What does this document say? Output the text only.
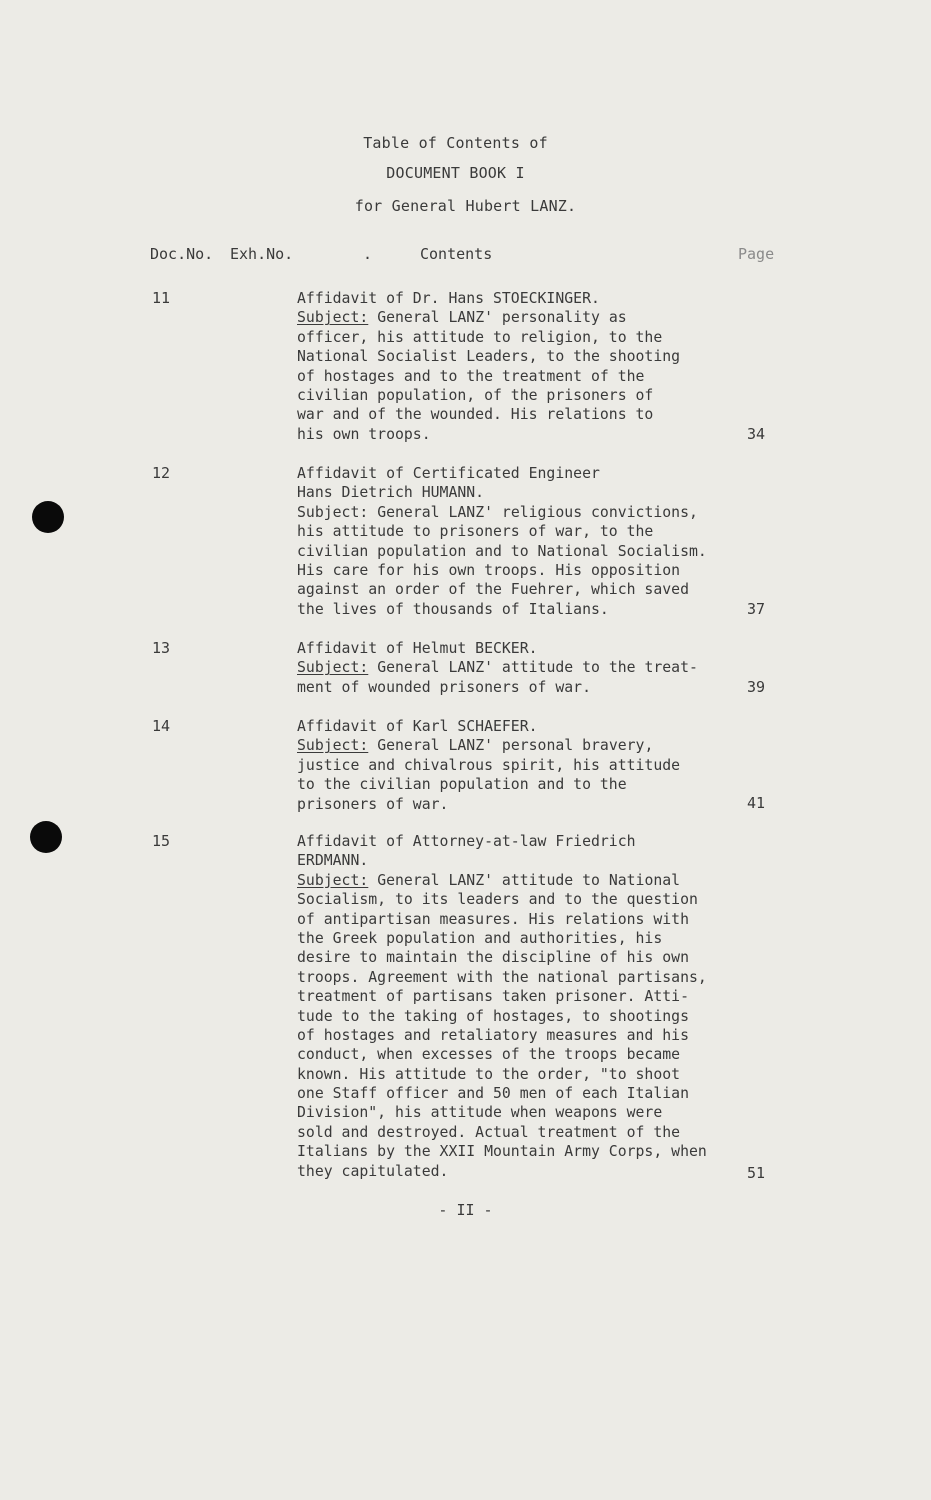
Table of Contents of
DOCUMENT BOOK I
for General Hubert LANZ.
Doc.No. Exh.No.	.	Contents	Page
11	Affidavit of Dr. Hans STOECKINGER.
Subject: General LANZ' personality as
officer, his attitude to religion, to the
National Socialist Leaders, to the shooting
of hostages and to the treatment of the
civilian population, of the prisoners of
war and of the wounded. His relations to
his own troops.	34
12	Affidavit of Certificated Engineer
Hans Dietrich HUMANN.
Subject: General LANZ' religious convictions,
his attitude to prisoners of war, to the
civilian population and to National Socialism.
His care for his own troops. His opposition
against an order of the Fuehrer, which saved
the lives of thousands of Italians.	37
13	Affidavit of Helmut BECKER.
Subject: General LANZ' attitude to the treat-
ment of wounded prisoners of war.	39
14	Affidavit of Karl SCHAEFER.
Subject: General LANZ' personal bravery,
justice and chivalrous spirit, his attitude
to the civilian population and to the
prisoners of war.	41
15	Affidavit of Attorney-at-law Friedrich
ERDMANN.
Subject: General LANZ' attitude to National
Socialism, to its leaders and to the question
of antipartisan measures. His relations with
the Greek population and authorities, his
desire to maintain the discipline of his own
troops. Agreement with the national partisans,
treatment of partisans taken prisoner. Atti-
tude to the taking of hostages, to shootings
of hostages and retaliatory measures and his
conduct, when excesses of the troops became
known. His attitude to the order, "to shoot
one Staff officer and 50 men of each Italian
Division", his attitude when weapons were
sold and destroyed. Actual treatment of the
Italians by the XXII Mountain Army Corps, when
they capitulated.	51
- II -
